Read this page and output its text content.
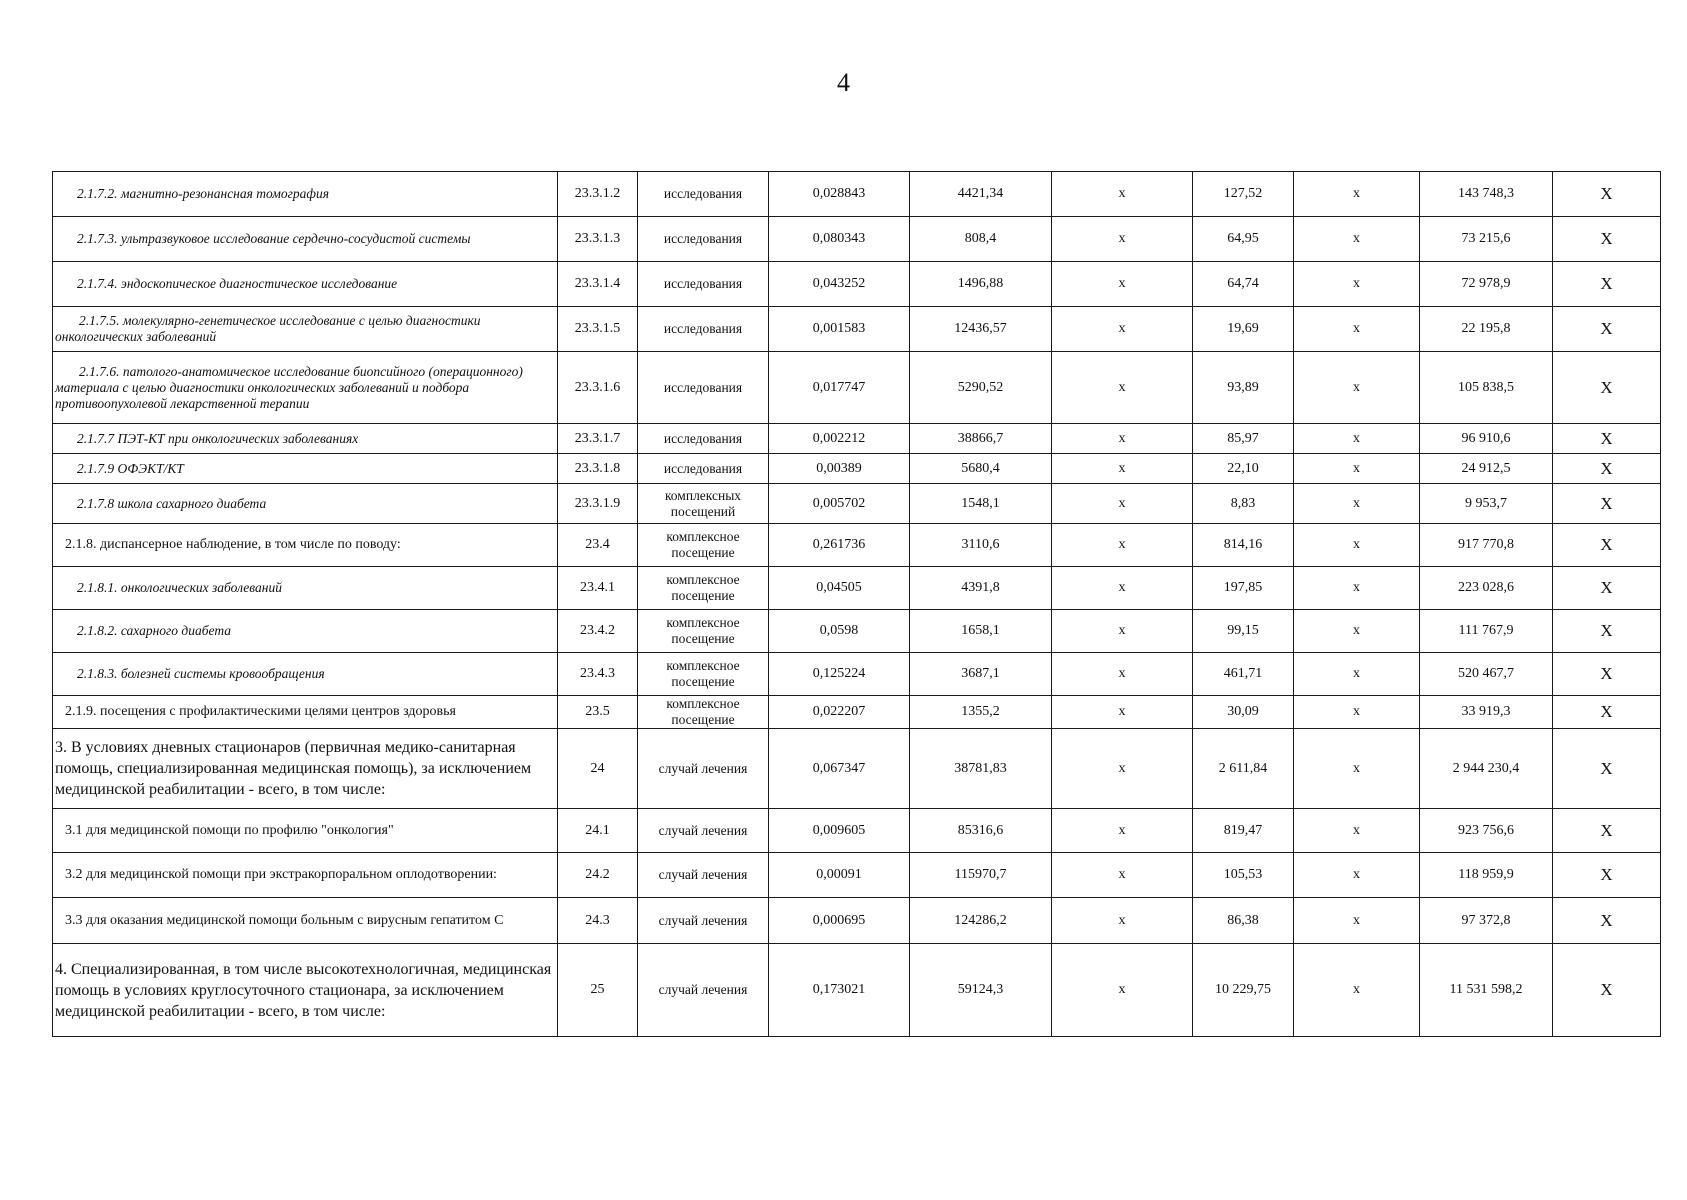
4
2.1.7.2. магнитно-резонансная томография	23.3.1.2	исследования	0,028843	4421,34	x	127,52	x	143 748,3	X
2.1.7.3. ультразвуковое исследование сердечно-сосудистой системы	23.3.1.3	исследования	0,080343	808,4	x	64,95	x	73 215,6	X
2.1.7.4. эндоскопическое диагностическое исследование	23.3.1.4	исследования	0,043252	1496,88	x	64,74	x	72 978,9	X
2.1.7.5. молекулярно-генетическое исследование с целью диагностики онкологических заболеваний	23.3.1.5	исследования	0,001583	12436,57	x	19,69	x	22 195,8	X
2.1.7.6. патолого-анатомическое исследование биопсийного (операционного) материала с целью диагностики онкологических заболеваний и подбора противоопухолевой лекарственной терапии	23.3.1.6	исследования	0,017747	5290,52	x	93,89	x	105 838,5	X
2.1.7.7 ПЭТ-КТ при онкологических заболеваниях	23.3.1.7	исследования	0,002212	38866,7	x	85,97	x	96 910,6	X
2.1.7.9 ОФЭКТ/КТ	23.3.1.8	исследования	0,00389	5680,4	x	22,10	x	24 912,5	X
2.1.7.8 школа сахарного диабета	23.3.1.9	комплексных посещений	0,005702	1548,1	x	8,83	x	9 953,7	X
2.1.8. диспансерное наблюдение, в том числе по поводу:	23.4	комплексное посещение	0,261736	3110,6	x	814,16	x	917 770,8	X
2.1.8.1. онкологических заболеваний	23.4.1	комплексное посещение	0,04505	4391,8	x	197,85	x	223 028,6	X
2.1.8.2. сахарного диабета	23.4.2	комплексное посещение	0,0598	1658,1	x	99,15	x	111 767,9	X
2.1.8.3. болезней системы кровообращения	23.4.3	комплексное посещение	0,125224	3687,1	x	461,71	x	520 467,7	X
2.1.9. посещения с профилактическими целями центров здоровья	23.5	комплексное посещение	0,022207	1355,2	x	30,09	x	33 919,3	X
3. В условиях дневных стационаров (первичная медико-санитарная помощь, специализированная медицинская помощь), за исключением медицинской реабилитации - всего, в том числе:	24	случай лечения	0,067347	38781,83	x	2 611,84	x	2 944 230,4	X
3.1 для медицинской помощи по профилю "онкология"	24.1	случай лечения	0,009605	85316,6	x	819,47	x	923 756,6	X
3.2 для медицинской помощи при экстракорпоральном оплодотворении:	24.2	случай лечения	0,00091	115970,7	x	105,53	x	118 959,9	X
3.3 для оказания медицинской помощи больным с вирусным гепатитом С	24.3	случай лечения	0,000695	124286,2	x	86,38	x	97 372,8	X
4. Специализированная, в том числе высокотехнологичная, медицинская помощь в условиях круглосуточного стационара, за исключением медицинской реабилитации - всего, в том числе:	25	случай лечения	0,173021	59124,3	x	10 229,75	x	11 531 598,2	X
